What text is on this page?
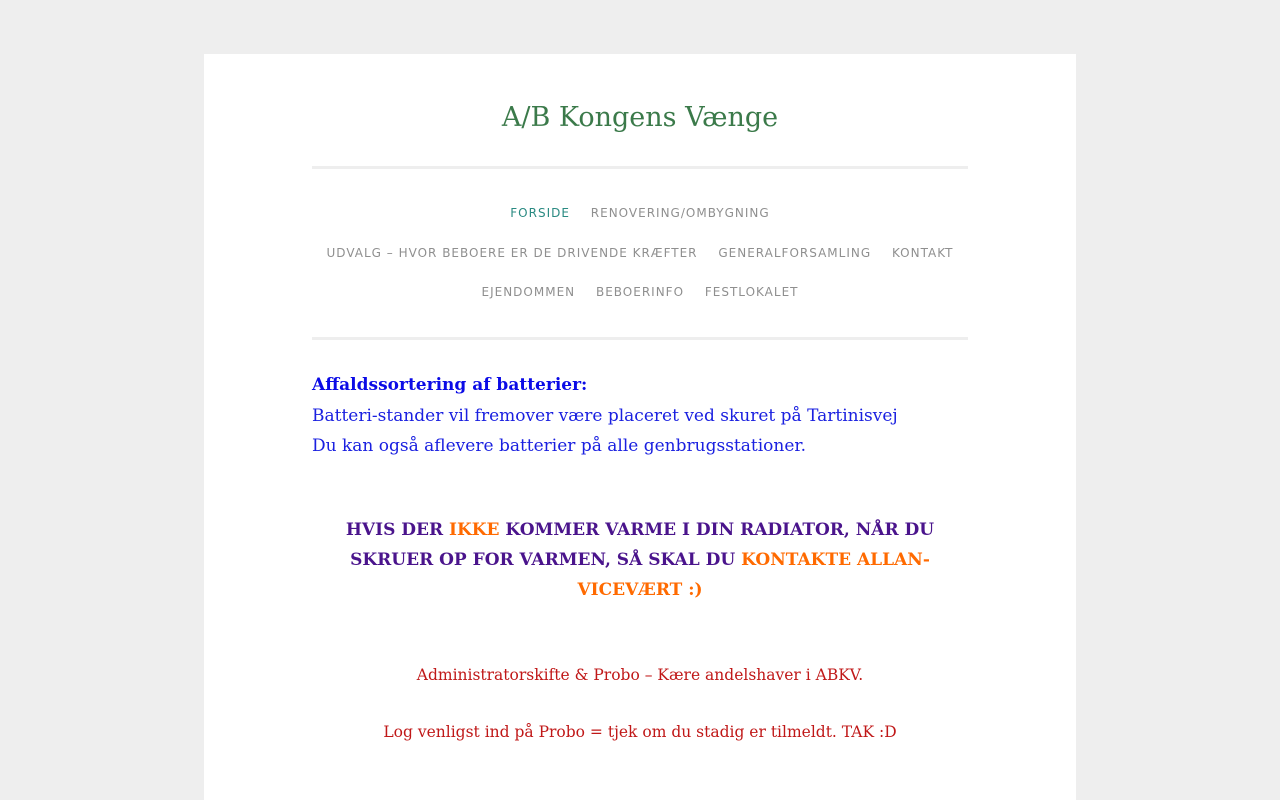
A/B Kongens Vænge
FORSIDE RENOVERING/OMBYGNING
UDVALG – HVOR BEBOERE ER DE DRIVENDE KRÆFTER GENERALFORSAMLING KONTAKT
EJENDOMMEN BEBOERINFO FESTLOKALET
Affaldssortering af batterier:
Batteri-stander vil fremover være placeret ved skuret på Tartinisvej
Du kan også aflevere batterier på alle genbrugsstationer.
HVIS DER IKKE KOMMER VARME I DIN RADIATOR, NÅR DU SKRUER OP FOR VARMEN, SÅ SKAL DU KONTAKTE ALLAN-VICEVÆRT :)
Administratorskifte & Probo – Kære andelshaver i ABKV.
Log venligst ind på Probo = tjek om du stadig er tilmeldt. TAK :D
